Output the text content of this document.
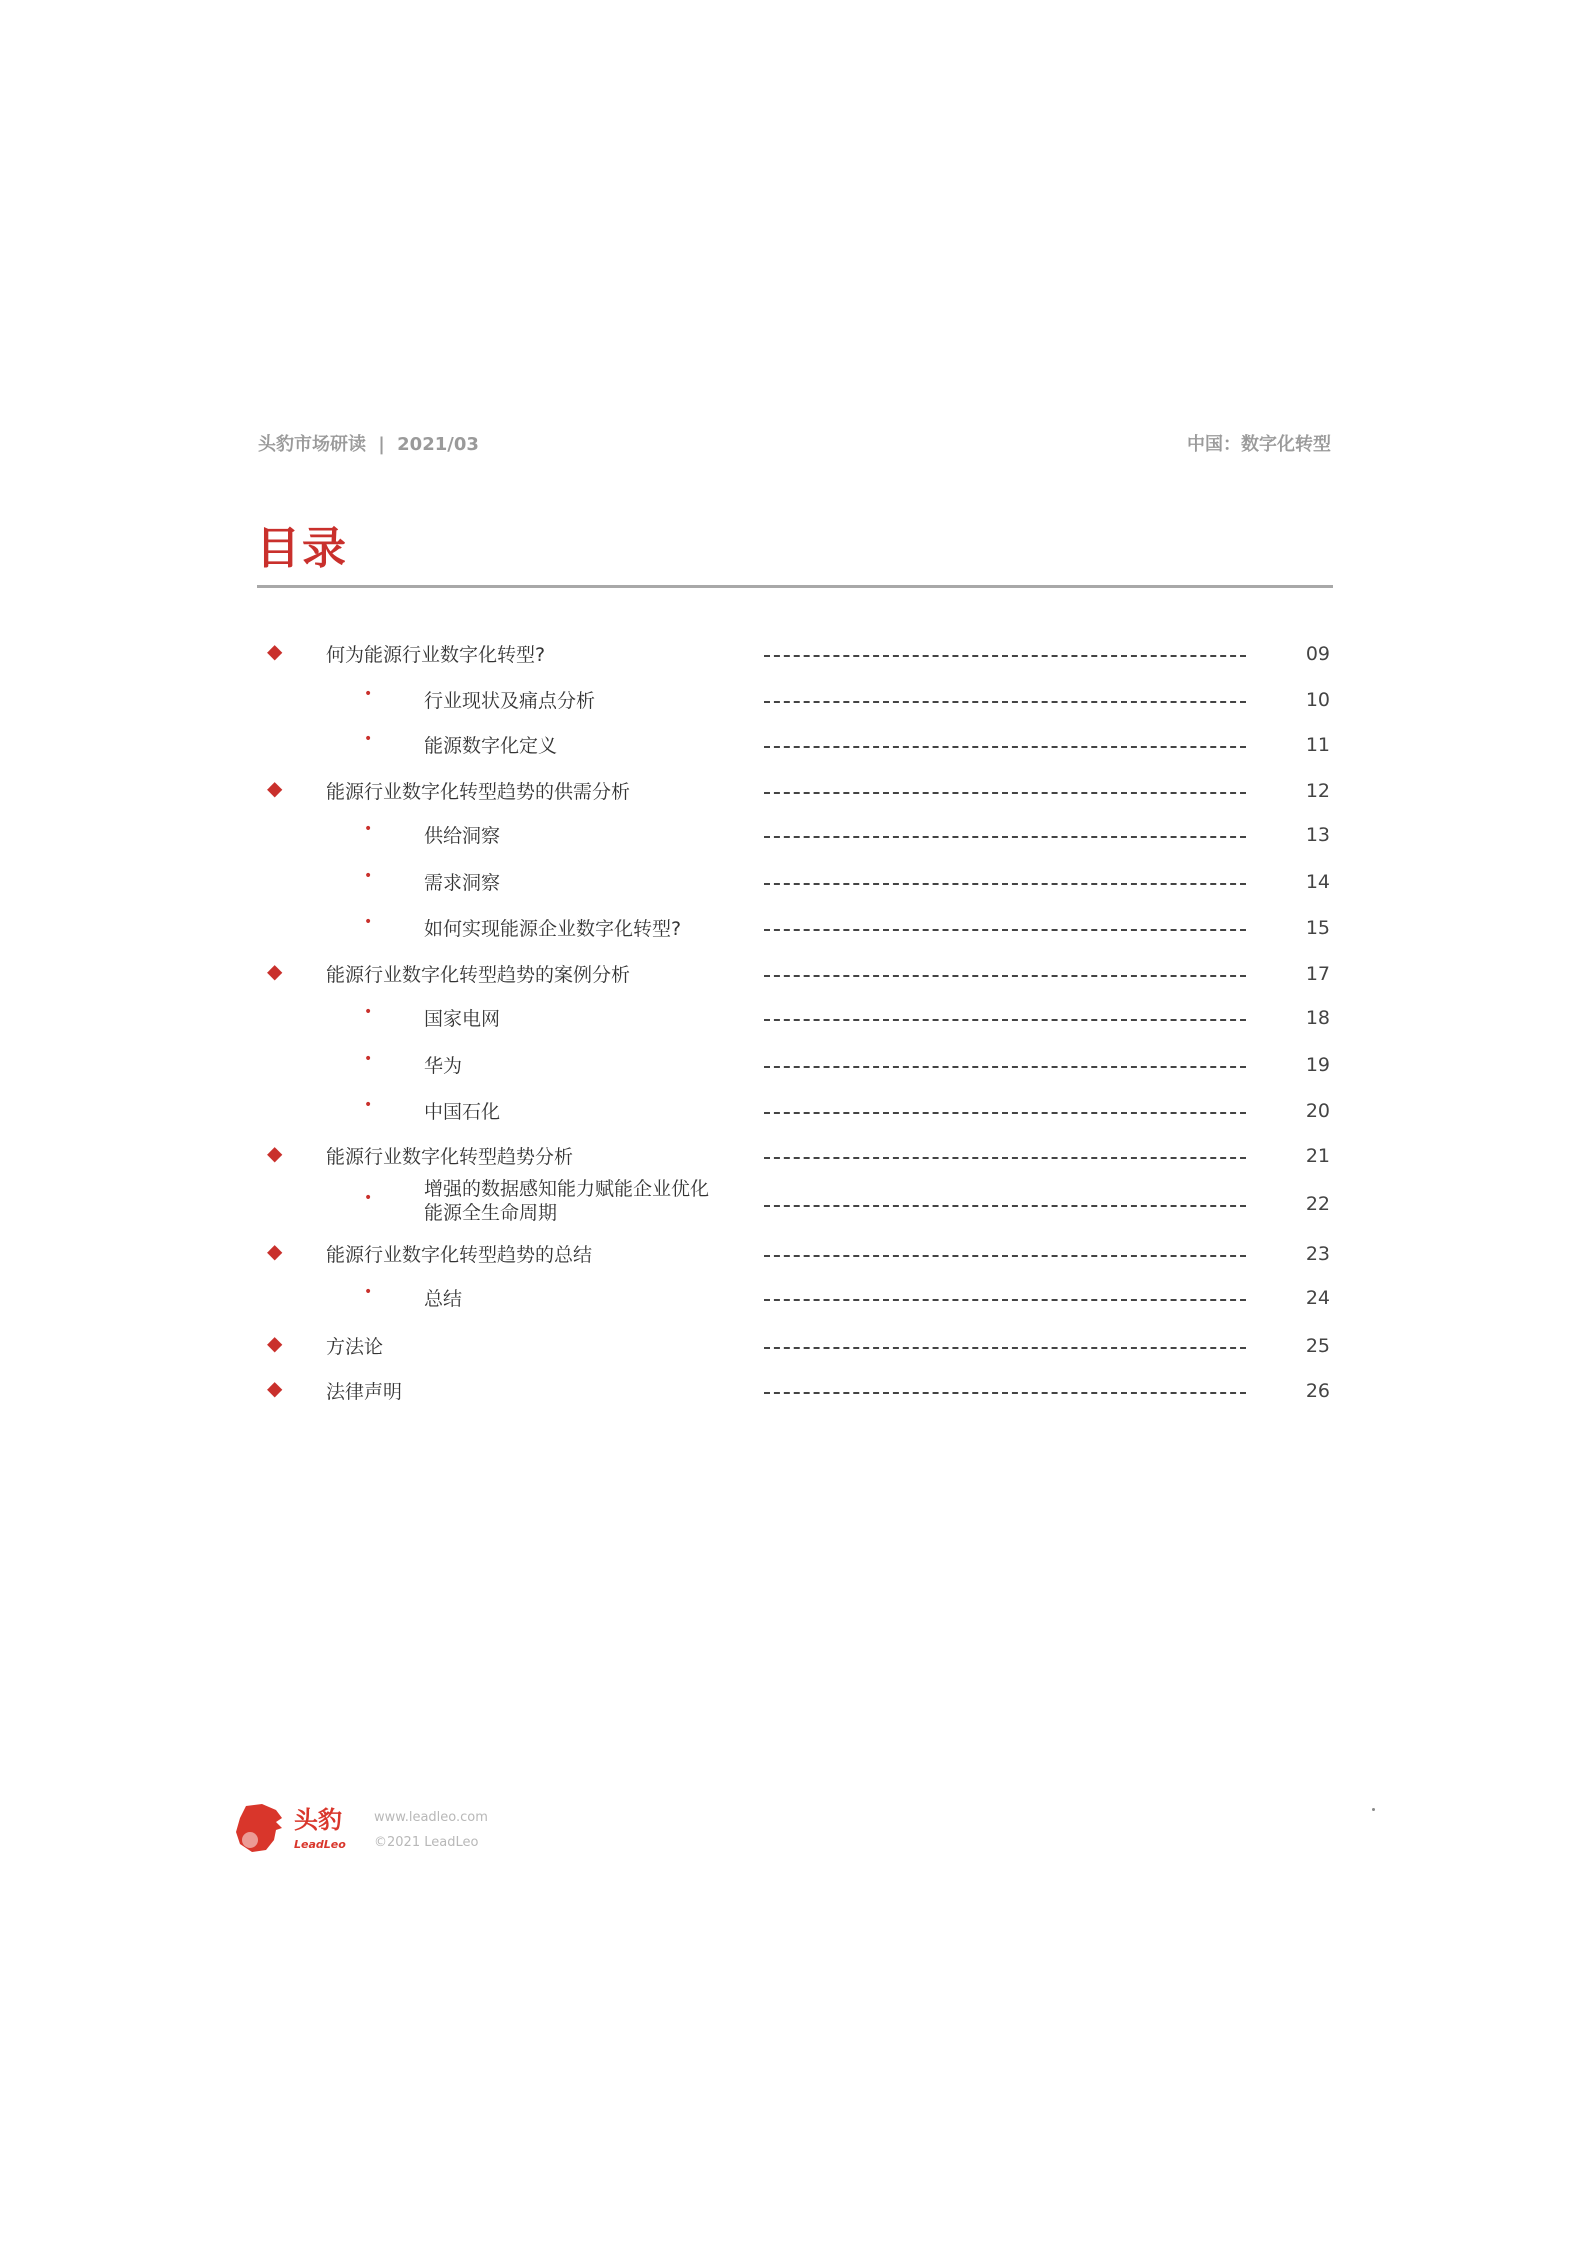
头豹市场研读 | 2021/03	中国：数字化转型
目录
◆ 何为能源行业数字化转型?	09
•	行业现状及痛点分析	10
•	能源数字化定义	11
◆ 能源行业数字化转型趋势的供需分析	12
•	供给洞察	13
•	需求洞察	14
•	如何实现能源企业数字化转型?	15
◆ 能源行业数字化转型趋势的案例分析	17
•	国家电网	18
•	华为	19
•	中国石化	20
◆ 能源行业数字化转型趋势分析	21
•	增强的数据感知能力赋能企业优化能源全生命周期	22
◆ 能源行业数字化转型趋势的总结	23
•	总结	24
◆ 方法论	25
◆ 法律声明	26
头豹
LeadLeo
www.leadleo.com
©2021 LeadLeo
